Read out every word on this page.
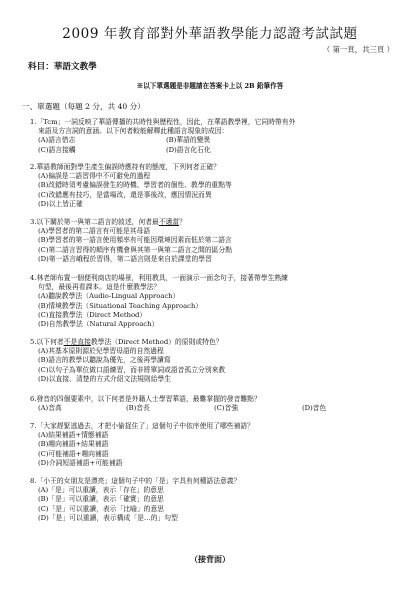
2009 年教育部對外華語教學能力認證考試試題
（ 第一頁，共三頁 ）
科目：華語文教學
※以下單選題是非題請在答案卡上以 2B 鉛筆作答
一、單選題（每題 2 分，共 40 分）
1.「Tcm」一詞反映了華語傳播的共時性與歷程性，因此，在華語教學裡，它同時帶有外
來語及方言詞的意涵。以下何者較能解釋此種語言現象的成因：
(A)語言借志	(B)華語的變異
(C)語言接觸	(D)語言化石化
2.華語教師面對學生產生偏誤時應持有的態度，下列何者正確？
(A)偏誤是二語習得中不可避免的過程
(B)改錯時須考慮偏誤發生的時機、學習者的個性、教學的重點等
(C)改錯應有技巧，是當場改，還是事後改，應因情況而異
(D)以上皆正確
3.以下關於第一與第二語言的敘述，何者最不適當？
(A)學習者的第二語言有可能是其母語
(B)學習者的第一語言使用頻率有可能因環境因素而低於第二語言
(C)第二語言習得的順序有機會與其第一與第二語言之間的區分點
(D)第一語言峨程於習得，第二語言則是來自於課堂的學習
4.林老師布置一個便利商店的場景，利用教具，一面演示一面念句子，接著帶學生熟練
句型，最後再看課本。這是什麼教學法？
(A)聽說教學法（Audio-Lingual Approach）
(B)情境教學法（Situational Teaching Approach）
(C)直接教學法（Direct Method）
(D)自然教學法（Natural Approach）
5.以下何者不是直接教學法（Direct Method）的原則或特色？
(A)其基本原則源於兒學習母語的自然過程
(B)語言的教學以聽說為優先，之後再學讀寫
(C)以句子為單位做口語練習，而非將單詞或語音孤立分別來教
(D)以直接、清楚的方式介紹文法規則給學生
6.發音的四個要素中，以下何者是外籍人士學習華語，最難掌握的發音難點？
(A)音高	(B)音長	(C)音強	(D)音色
7.「大家趕緊逃過去，才把小偷捉住了」這個句子中依序使用了哪些補語？
(A)結果補語+情態補語
(B)趨向補語+結果補語
(C)可能補語+趨向補語
(D)介詞短語補語+可能補語
8.「小王的女朋友是漂亮」這個句子中的「是」字具有何種語法意義？
(A)「是」可以重讀，表示「存在」的意思
(B)「是」可以重讀，表示「確實」的意思
(C)「是」可以重讀，表示「比喻」的意思
(D)「是」可以重讀，表示構成「是…的」句型
（接背面）
